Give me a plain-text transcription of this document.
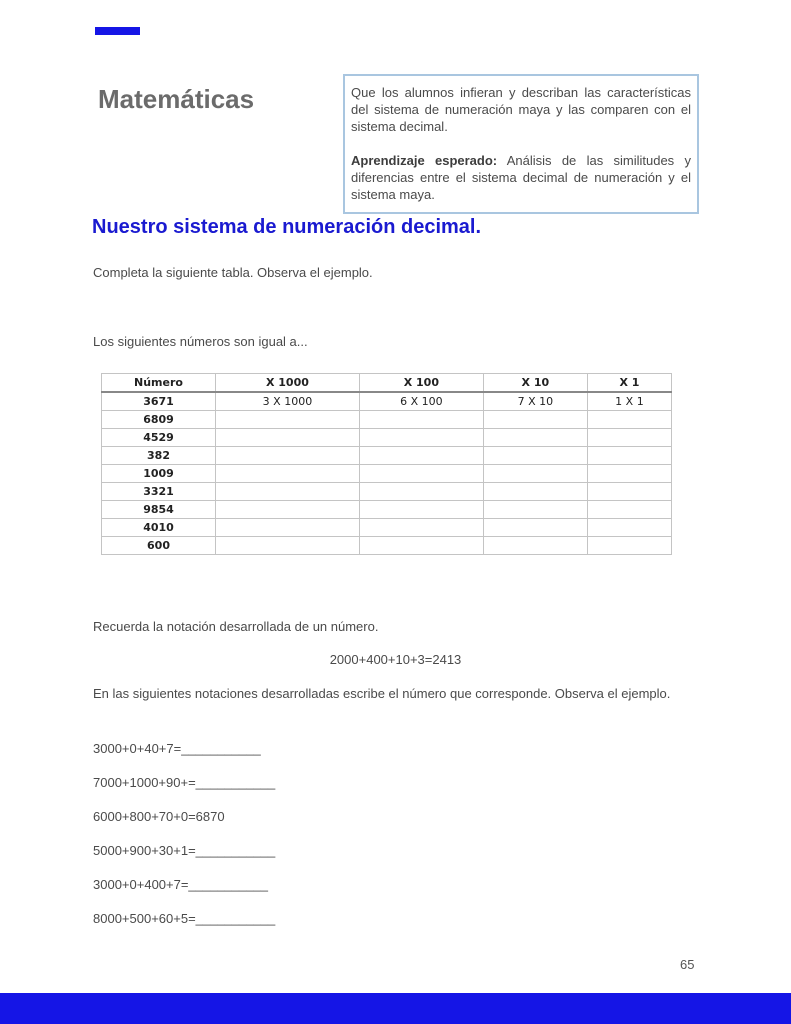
Matemáticas	Que los alumnos infieran y describan las características del sistema de numeración maya y las comparen con el sistema decimal.

Aprendizaje esperado: Análisis de las similitudes y diferencias entre el sistema decimal de numeración y el sistema maya.

Nuestro sistema de numeración decimal.
Completa la siguiente tabla. Observa el ejemplo.
Los siguientes números son igual a...
Número	X 1000	X 100	X 10	X 1
3671	3 X 1000	6 X 100	7 X 10	1 X 1
6809				
4529				
382				
1009				
3321				
9854				
4010				
600				
Recuerda la notación desarrollada de un número.
2000+400+10+3=2413
En las siguientes notaciones desarrolladas escribe el número que corresponde. Observa el ejemplo.
3000+0+40+7=___________
7000+1000+90+=___________
6000+800+70+0=6870
5000+900+30+1=___________
3000+0+400+7=___________
8000+500+60+5=___________
65
